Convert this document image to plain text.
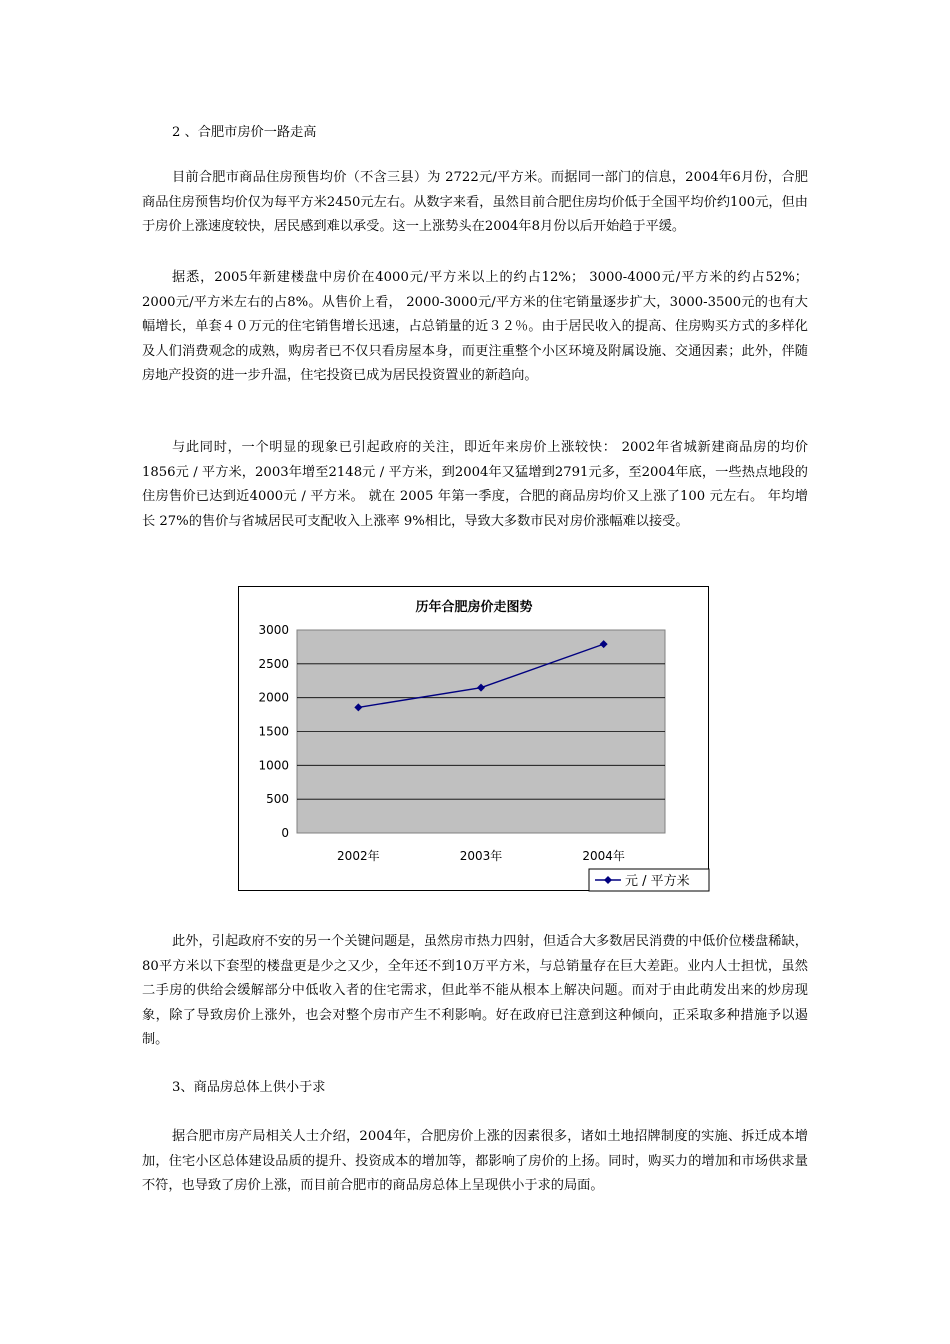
2 、合肥市房价一路走高

目前合肥市商品住房预售均价（不含三县）为 2722元/平方米。而据同一部门的信息，2004年6月份，合肥商品住房预售均价仅为每平方米2450元左右。从数字来看，虽然目前合肥住房均价低于全国平均价约100元，但由于房价上涨速度较快，居民感到难以承受。这一上涨势头在2004年8月份以后开始趋于平缓。

据悉，2005年新建楼盘中房价在4000元/平方米以上的约占12%； 3000-4000元/平方米的约占52%；2000元/平方米左右的占8%。从售价上看， 2000-3000元/平方米的住宅销量逐步扩大，3000-3500元的也有大幅增长，单套４０万元的住宅销售增长迅速，占总销量的近３２％。由于居民收入的提高、住房购买方式的多样化及人们消费观念的成熟，购房者已不仅只看房屋本身，而更注重整个小区环境及附属设施、交通因素；此外，伴随房地产投资的进一步升温，住宅投资已成为居民投资置业的新趋向。

与此同时，一个明显的现象已引起政府的关注，即近年来房价上涨较快： 2002年省城新建商品房的均价1856元 / 平方米，2003年增至2148元 / 平方米，到2004年又猛增到2791元多，至2004年底，一些热点地段的住房售价已达到近4000元 / 平方米。 就在 2005 年第一季度，合肥的商品房均价又上涨了100 元左右。 年均增长 27%的售价与省城居民可支配收入上涨率 9%相比，导致大多数市民对房价涨幅难以接受。

0
500
1000
1500
2000
2500
3000
2002年	2003年	2004年
历年合肥房价走图势
元 / 平方米

此外，引起政府不安的另一个关键问题是，虽然房市热力四射，但适合大多数居民消费的中低价位楼盘稀缺， 80平方米以下套型的楼盘更是少之又少，全年还不到10万平方米，与总销量存在巨大差距。业内人士担忧，虽然二手房的供给会缓解部分中低收入者的住宅需求，但此举不能从根本上解决问题。而对于由此萌发出来的炒房现象，除了导致房价上涨外，也会对整个房市产生不利影响。好在政府已注意到这种倾向，正采取多种措施予以遏制。

3、商品房总体上供小于求

据合肥市房产局相关人士介绍，2004年，合肥房价上涨的因素很多，诸如土地招牌制度的实施、拆迁成本增加，住宅小区总体建设品质的提升、投资成本的增加等，都影响了房价的上扬。同时，购买力的增加和市场供求量不符，也导致了房价上涨，而目前合肥市的商品房总体上呈现供小于求的局面。
